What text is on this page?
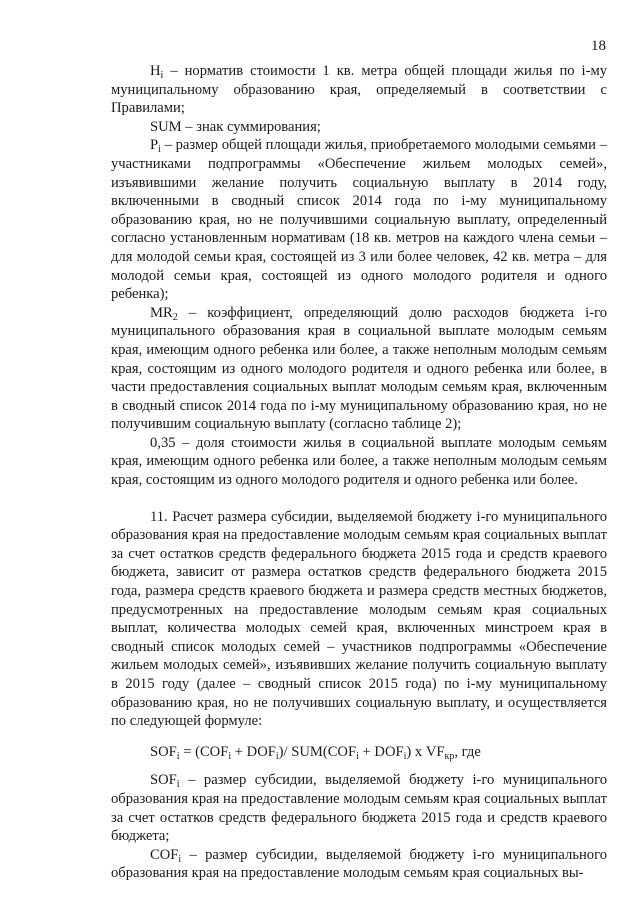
18

$H_i$ – норматив стоимости 1 кв. метра общей площади жилья по i-му муниципальному образованию края, определяемый в соответствии с Правилами;

SUM – знак суммирования;

$P_i$ – размер общей площади жилья, приобретаемого молодыми семьями – участниками подпрограммы «Обеспечение жильем молодых семей», изъявившими желание получить социальную выплату в 2014 году, включенными в сводный список 2014 года по i-му муниципальному образованию края, но не получившими социальную выплату, определенный согласно установленным нормативам (18 кв. метров на каждого члена семьи – для молодой семьи края, состоящей из 3 или более человек, 42 кв. метра – для молодой семьи края, состоящей из одного молодого родителя и одного ребенка);

$MR_2$ – коэффициент, определяющий долю расходов бюджета i-го муниципального образования края в социальной выплате молодым семьям края, имеющим одного ребенка или более, а также неполным молодым семьям края, состоящим из одного молодого родителя и одного ребенка или более, в части предоставления социальных выплат молодым семьям края, включенным в сводный список 2014 года по i-му муниципальному образованию края, но не получившим социальную выплату (согласно таблице 2);

0,35 – доля стоимости жилья в социальной выплате молодым семьям края, имеющим одного ребенка или более, а также неполным молодым семьям края, состоящим из одного молодого родителя и одного ребенка или более.

11. Расчет размера субсидии, выделяемой бюджету i-го муниципального образования края на предоставление молодым семьям края социальных выплат за счет остатков средств федерального бюджета 2015 года и средств краевого бюджета, зависит от размера остатков средств федерального бюджета 2015 года, размера средств краевого бюджета и размера средств местных бюджетов, предусмотренных на предоставление молодым семьям края социальных выплат, количества молодых семей края, включенных минстроем края в сводный список молодых семей – участников подпрограммы «Обеспечение жильем молодых семей», изъявивших желание получить социальную выплату в 2015 году (далее – сводный список 2015 года) по i-му муниципальному образованию края, но не получивших социальную выплату, и осуществляется по следующей формуле:

$SOF_i = (COF_i + DOF_i)/$ $SUM(COF_i + DOF_i)$ х $VF_{кр}$, где

$SOF_i$ – размер субсидии, выделяемой бюджету i-го муниципального образования края на предоставление молодым семьям края социальных выплат за счет остатков средств федерального бюджета 2015 года и средств краевого бюджета;

$COF_i$ – размер субсидии, выделяемой бюджету i-го муниципального образования края на предоставление молодым семьям края социальных вы-
